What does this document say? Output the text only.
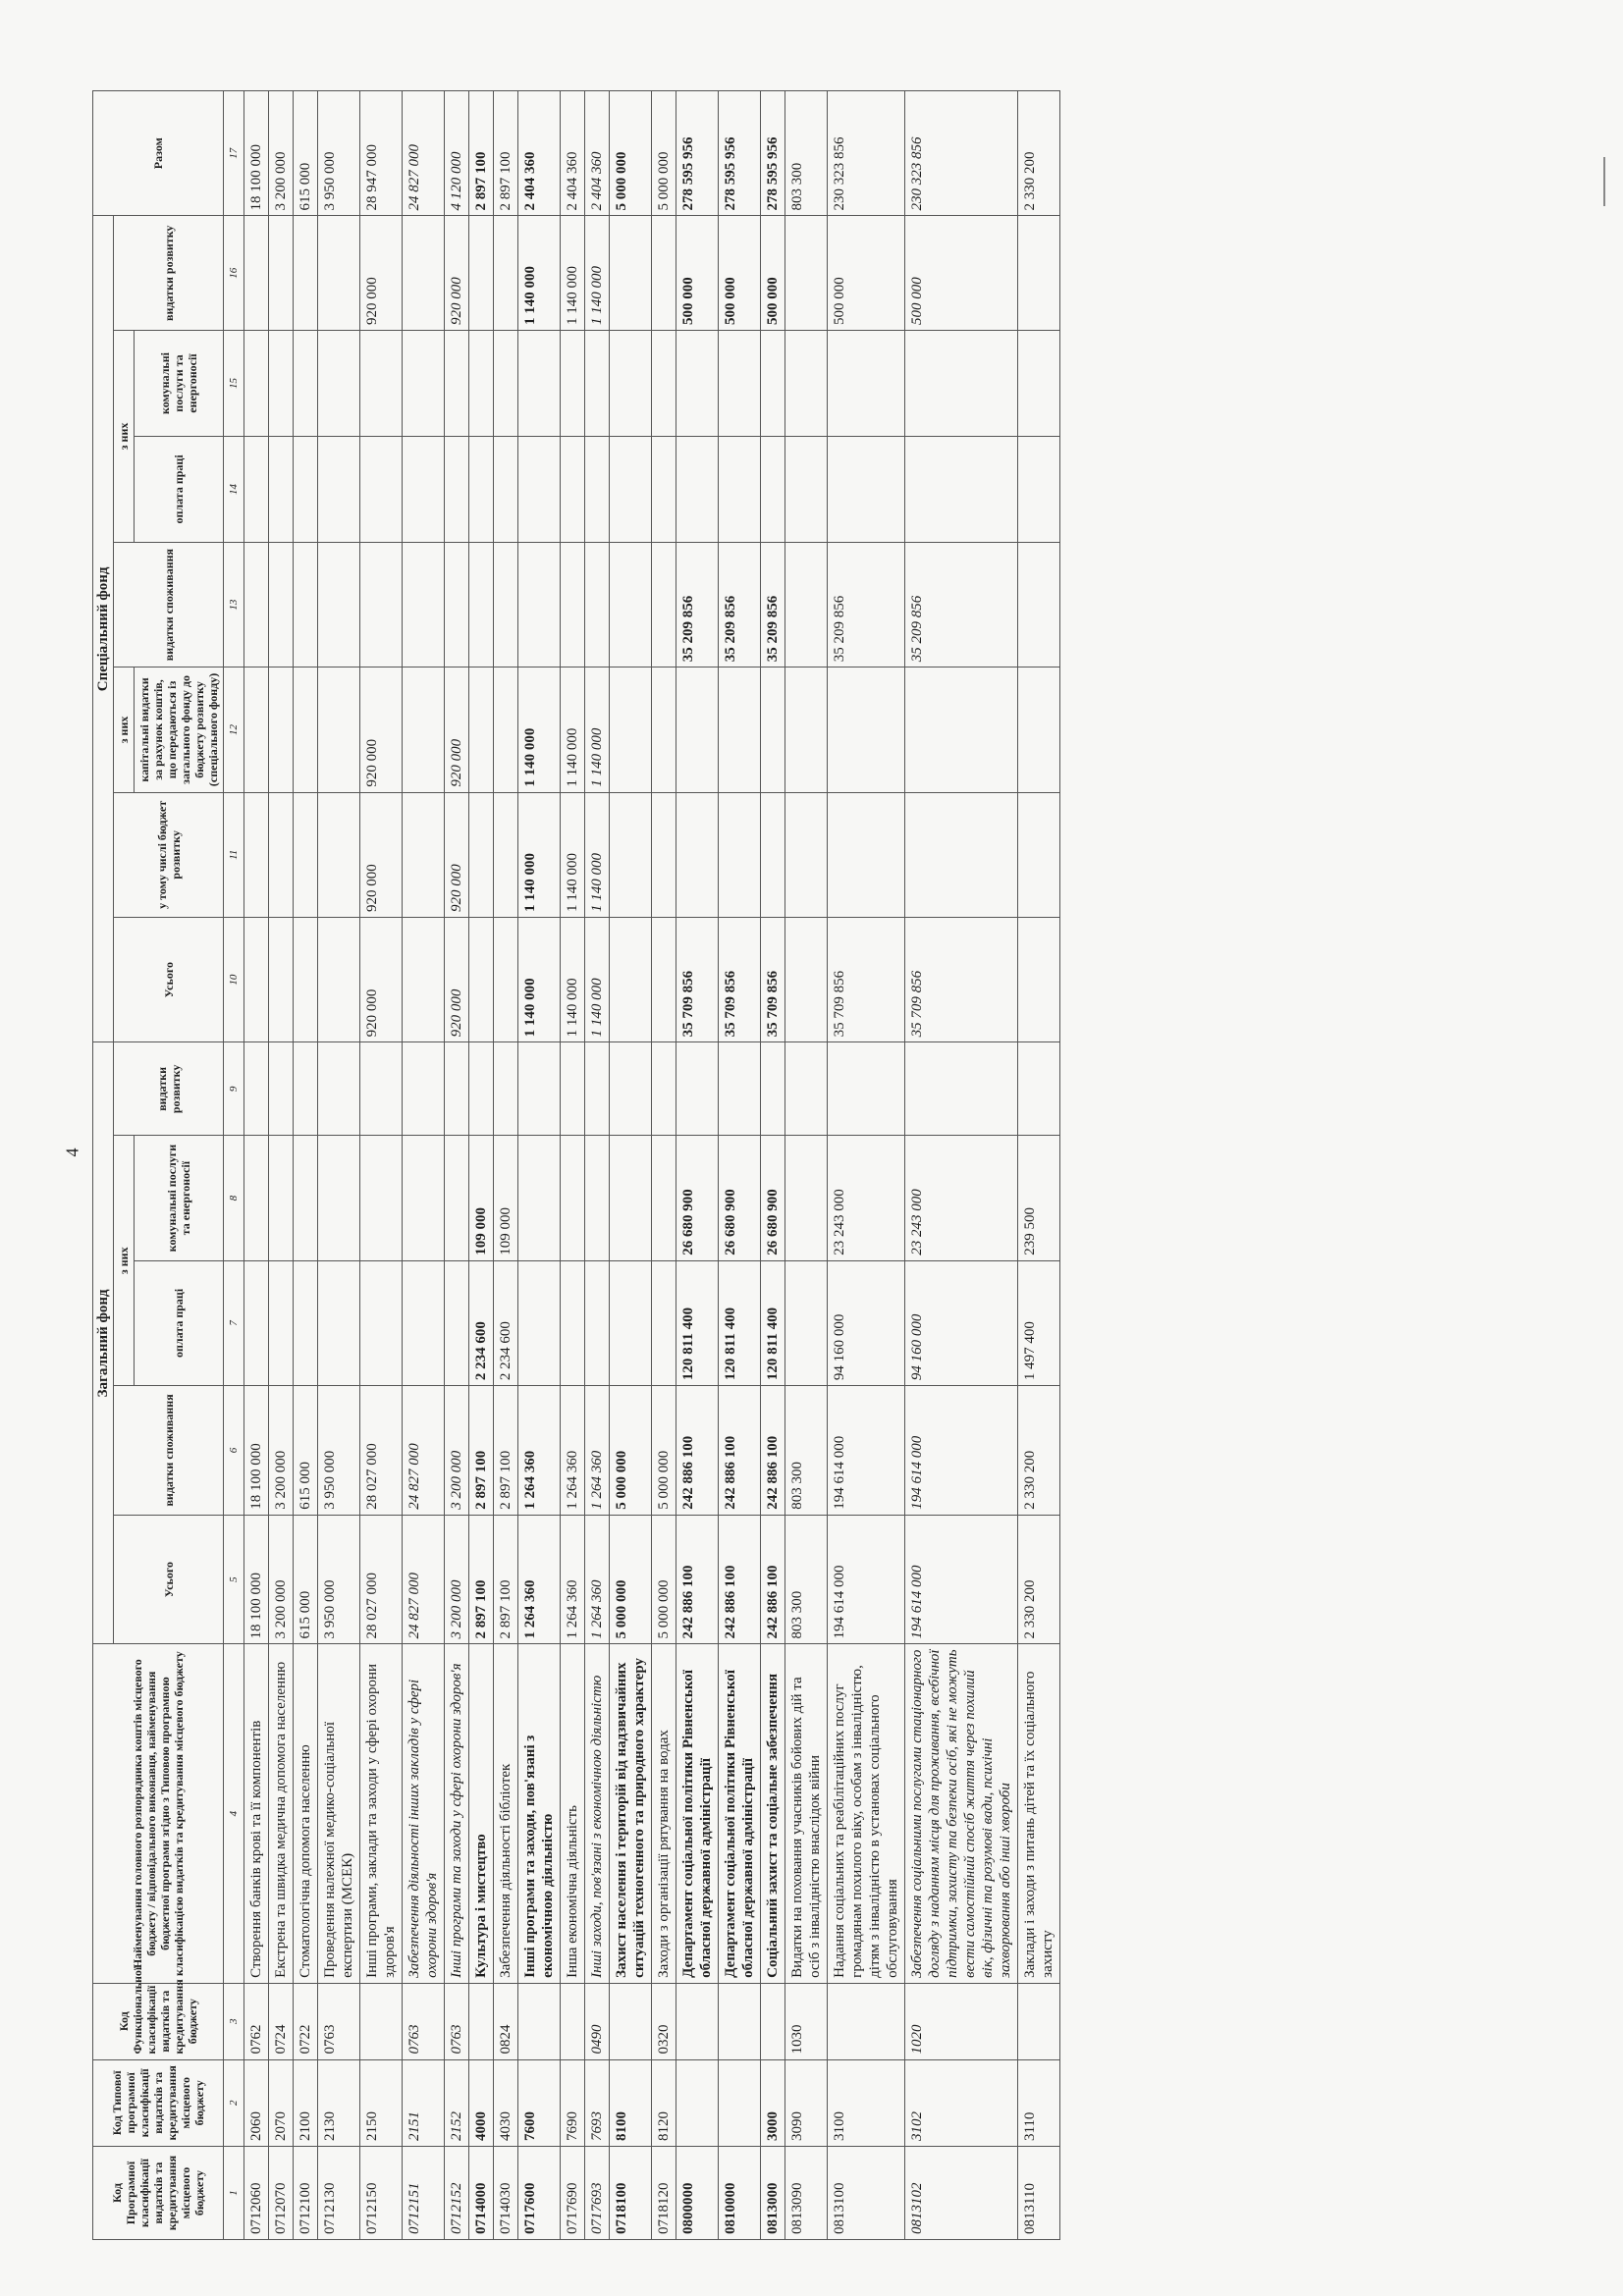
4
Код Програмної класифікації видатків та кредитування місцевого бюджету	Код Типової програмної класифікації видатків та кредитування місцевого бюджету	Код Функціональної класифікації видатків та кредитування бюджету	Найменування головного розпорядника коштів місцевого бюджету / відповідального виконавця, найменування бюджетної програми згідно з Типовою програмною класифікацією видатків та кредитування місцевого бюджету	Загальний фонд					Спеціальний фонд							Разом
				Усього	видатки споживання	з них		видатки розвитку	Усього	у тому числі бюджет розвитку	з них	видатки споживання	з них		видатки розвитку	
						оплата праці	комунальні послуги та енергоносії				капітальні видатки за рахунок коштів, що передаються із загального фонду до бюджету розвитку (спеціального фонду)		оплата праці	комунальні послуги та енергоносії		
1	2	3	4	5	6	7	8	9	10	11	12	13	14	15	16	17
0712060	2060	0762	Створення банків крові та її компонентів	18 100 000	18 100 000											18 100 000
0712070	2070	0724	Екстрена та швидка медична допомога населенню	3 200 000	3 200 000											3 200 000
0712100	2100	0722	Стоматологічна допомога населенню	615 000	615 000											615 000
0712130	2130	0763	Проведення належної медико-соціальної експертизи (МСЕК)	3 950 000	3 950 000											3 950 000
0712150	2150		Інші програми, заклади та заходи у сфері охорони здоров'я	28 027 000	28 027 000				920 000	920 000	920 000				920 000	28 947 000
0712151	2151	0763	Забезпечення діяльності інших закладів у сфері охорони здоров'я	24 827 000	24 827 000											24 827 000
0712152	2152	0763	Інші програми та заходи у сфері охорони здоров'я	3 200 000	3 200 000				920 000	920 000	920 000				920 000	4 120 000
0714000	4000		Культура і мистецтво	2 897 100	2 897 100	2 234 600	109 000									2 897 100
0714030	4030	0824	Забезпечення діяльності бібліотек	2 897 100	2 897 100	2 234 600	109 000									2 897 100
0717600	7600		Інші програми та заходи, пов'язані з економічною діяльністю	1 264 360	1 264 360				1 140 000	1 140 000	1 140 000				1 140 000	2 404 360
0717690	7690		Інша економічна діяльність	1 264 360	1 264 360				1 140 000	1 140 000	1 140 000				1 140 000	2 404 360
0717693	7693	0490	Інші заходи, пов'язані з економічною діяльністю	1 264 360	1 264 360				1 140 000	1 140 000	1 140 000				1 140 000	2 404 360
0718100	8100		Захист населення і територій від надзвичайних ситуацій техногенного та природного характеру	5 000 000	5 000 000											5 000 000
0718120	8120	0320	Заходи з організації рятування на водах	5 000 000	5 000 000											5 000 000
0800000			Департамент соціальної політики Рівненської обласної державної адміністрації	242 886 100	242 886 100	120 811 400	26 680 900		35 709 856			35 209 856			500 000	278 595 956
0810000			Департамент соціальної політики Рівненської обласної державної адміністрації	242 886 100	242 886 100	120 811 400	26 680 900		35 709 856			35 209 856			500 000	278 595 956
0813000	3000		Соціальний захист та соціальне забезпечення	242 886 100	242 886 100	120 811 400	26 680 900		35 709 856			35 209 856			500 000	278 595 956
0813090	3090	1030	Видатки на поховання учасників бойових дій та осіб з інвалідністю внаслідок війни	803 300	803 300											803 300
0813100	3100		Надання соціальних та реабілітаційних послуг громадянам похилого віку, особам з інвалідністю, дітям з інвалідністю в установах соціального обслуговування	194 614 000	194 614 000	94 160 000	23 243 000		35 709 856			35 209 856			500 000	230 323 856
0813102	3102	1020	Забезпечення соціальними послугами стаціонарного догляду з наданням місця для проживання, всебічної підтримки, захисту та безпеки осіб, які не можуть вести самостійний спосіб життя через похилий вік, фізичні та розумові вади, психічні захворювання або інші хвороби	194 614 000	194 614 000	94 160 000	23 243 000		35 709 856			35 209 856			500 000	230 323 856
0813110	3110		Заклади і заходи з питань дітей та їх соціального захисту	2 330 200	2 330 200	1 497 400	239 500									2 330 200
